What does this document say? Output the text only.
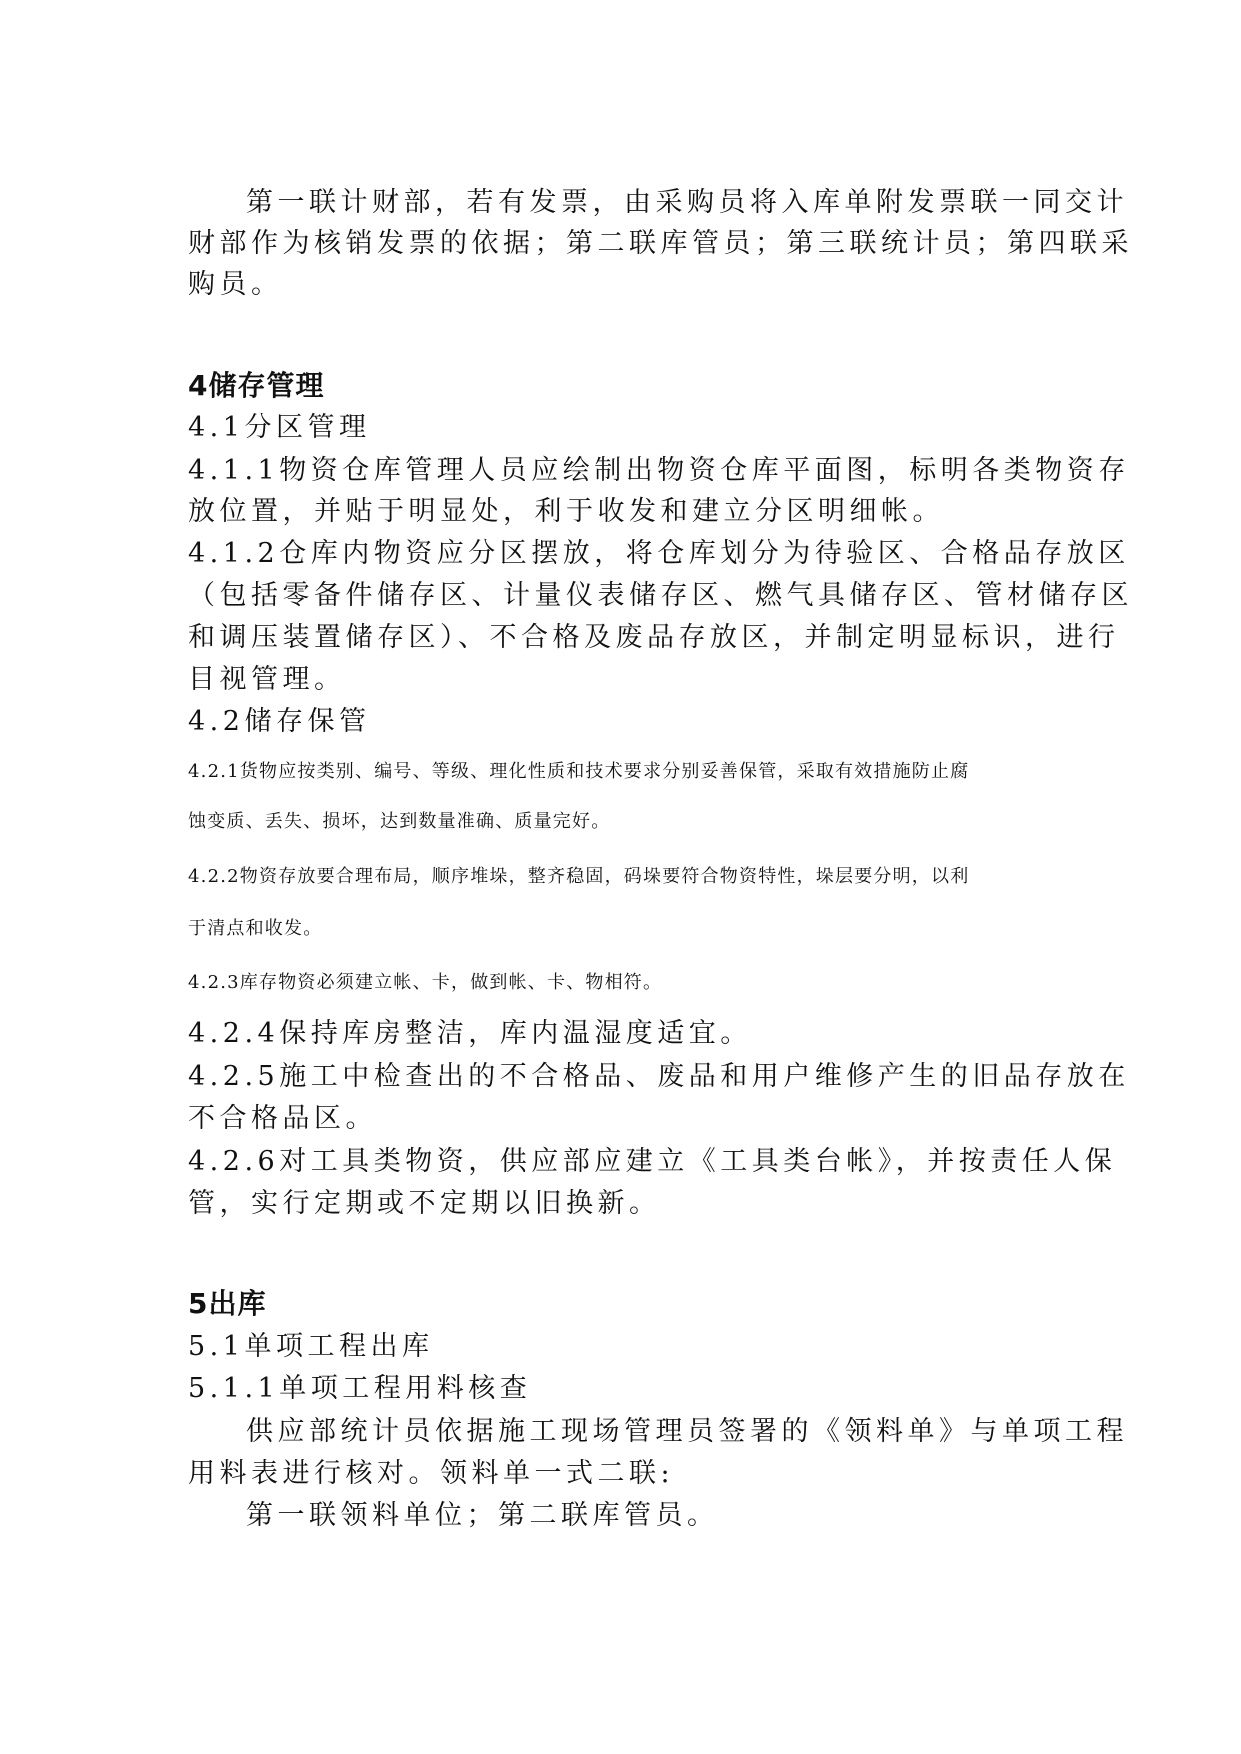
第一联计财部，若有发票，由采购员将入库单附发票联一同交计
财部作为核销发票的依据；第二联库管员；第三联统计员；第四联采
购员。
4储存管理
4.1分区管理
4.1.1物资仓库管理人员应绘制出物资仓库平面图，标明各类物资存
放位置，并贴于明显处，利于收发和建立分区明细帐。
4.1.2仓库内物资应分区摆放，将仓库划分为待验区、合格品存放区
（包括零备件储存区、计量仪表储存区、燃气具储存区、管材储存区
和调压装置储存区）、不合格及废品存放区，并制定明显标识，进行
目视管理。
4.2储存保管
4.2.1货物应按类别、编号、等级、理化性质和技术要求分别妥善保管，采取有效措施防止腐
蚀变质、丢失、损坏，达到数量准确、质量完好。
4.2.2物资存放要合理布局，顺序堆垛，整齐稳固，码垛要符合物资特性，垛层要分明，以利
于清点和收发。
4.2.3库存物资必须建立帐、卡，做到帐、卡、物相符。
4.2.4保持库房整洁，库内温湿度适宜。
4.2.5施工中检查出的不合格品、废品和用户维修产生的旧品存放在
不合格品区。
4.2.6对工具类物资，供应部应建立《工具类台帐》，并按责任人保
管，实行定期或不定期以旧换新。
5出库
5.1单项工程出库
5.1.1单项工程用料核查
供应部统计员依据施工现场管理员签署的《领料单》与单项工程
用料表进行核对。领料单一式二联:
第一联领料单位；第二联库管员。
